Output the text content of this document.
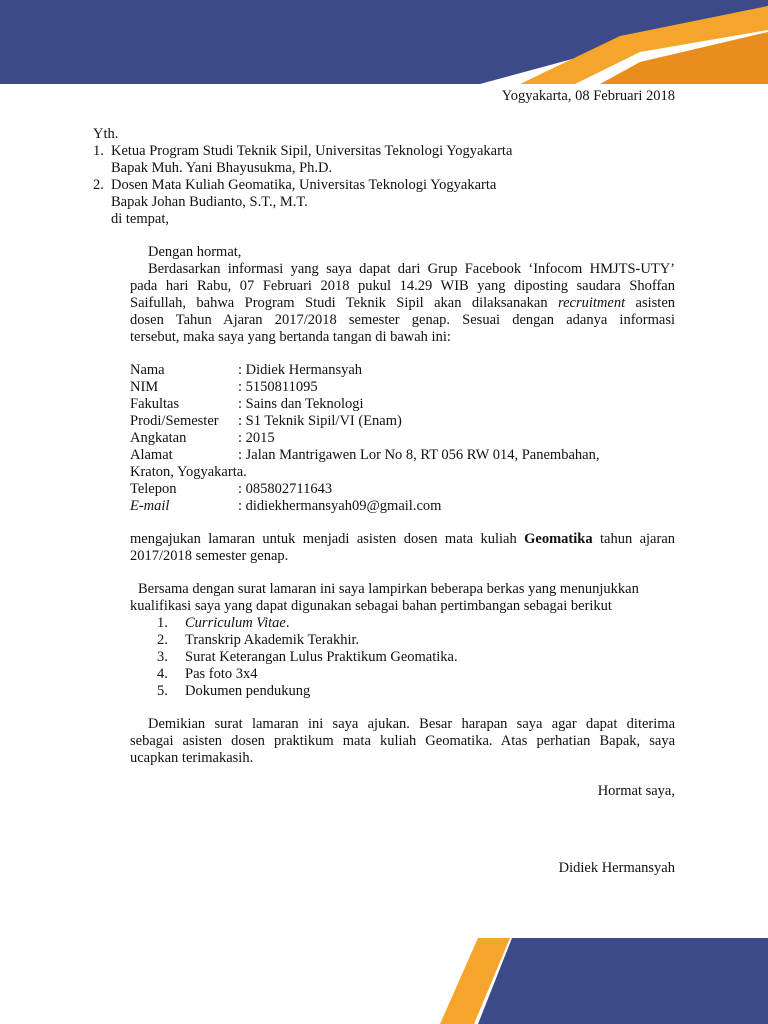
Yogyakarta, 08 Februari 2018
Yth.
1. Ketua Program Studi Teknik Sipil, Universitas Teknologi Yogyakarta
Bapak Muh. Yani Bhayusukma, Ph.D.
2. Dosen Mata Kuliah Geomatika, Universitas Teknologi Yogyakarta
Bapak Johan Budianto, S.T., M.T.
di tempat,
Dengan hormat,
Berdasarkan informasi yang saya dapat dari Grup Facebook ‘Infocom HMJTS-UTY’
pada hari Rabu, 07 Februari 2018 pukul 14.29 WIB yang diposting saudara Shoffan
Saifullah, bahwa Program Studi Teknik Sipil akan dilaksanakan recruitment asisten
dosen Tahun Ajaran 2017/2018 semester genap. Sesuai dengan adanya informasi
tersebut, maka saya yang bertanda tangan di bawah ini:
Nama	: Didiek Hermansyah
NIM	: 5150811095
Fakultas	: Sains dan Teknologi
Prodi/Semester : S1 Teknik Sipil/VI (Enam)
Angkatan	: 2015
Alamat	: Jalan Mantrigawen Lor No 8, RT 056 RW 014, Panembahan,
Kraton, Yogyakarta.
Telepon	: 085802711643
E-mail	: didiekhermansyah09@gmail.com
mengajukan lamaran untuk menjadi asisten dosen mata kuliah Geomatika tahun ajaran
2017/2018 semester genap.
Bersama dengan surat lamaran ini saya lampirkan beberapa berkas yang menunjukkan
kualifikasi saya yang dapat digunakan sebagai bahan pertimbangan sebagai berikut
1. Curriculum Vitae.
2. Transkrip Akademik Terakhir.
3. Surat Keterangan Lulus Praktikum Geomatika.
4. Pas foto 3x4
5. Dokumen pendukung
Demikian surat lamaran ini saya ajukan. Besar harapan saya agar dapat diterima
sebagai asisten dosen praktikum mata kuliah Geomatika. Atas perhatian Bapak, saya
ucapkan terimakasih.
Hormat saya,
Didiek Hermansyah
